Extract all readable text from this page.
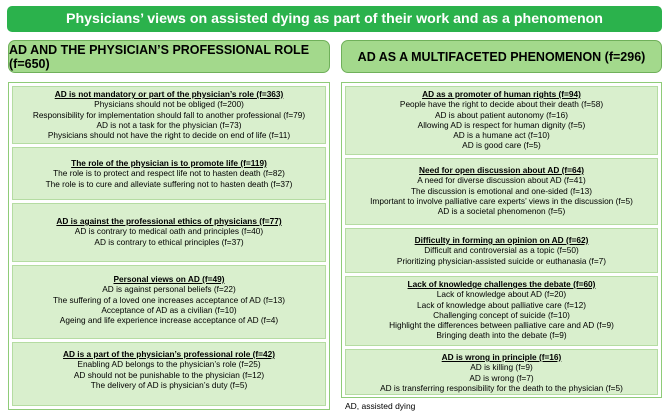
Physicians’ views on assisted dying as part of their work and as a phenomenon
AD AND THE PHYSICIAN’S PROFESSIONAL ROLE (f=650)	AD AS A MULTIFACETED PHENOMENON (f=296)
AD is not mandatory or part of the physician’s role (f=363)
Physicians should not be obliged (f=200)
Responsibility for implementation should fall to another professional (f=79)
AD is not a task for the physician (f=73)
Physicians should not have the right to decide on end of life (f=11)
The role of the physician is to promote life (f=119)
The role is to protect and respect life not to hasten death (f=82)
The role is to cure and alleviate suffering not to hasten death (f=37)
AD is against the professional ethics of physicians (f=77)
AD is contrary to medical oath and principles (f=40)
AD is contrary to ethical principles (f=37)
Personal views on AD (f=49)
AD is against personal beliefs (f=22)
The suffering of a loved one increases acceptance of AD (f=13)
Acceptance of AD as a civilian (f=10)
Ageing and life experience increase acceptance of AD (f=4)
AD is a part of the physician’s professional role (f=42)
Enabling AD belongs to the physician’s role (f=25)
AD should not be punishable to the physician (f=12)
The delivery of AD is physician’s duty (f=5)
AD as a promoter of human rights (f=94)
People have the right to decide about their death (f=58)
AD is about patient autonomy (f=16)
Allowing AD is respect for human dignity (f=5)
AD is a humane act (f=10)
AD is good care (f=5)
Need for open discussion about AD (f=64)
A need for diverse discussion about AD (f=41)
The discussion is emotional and one-sided (f=13)
Important to involve palliative care experts’ views in the discussion (f=5)
AD is a societal phenomenon (f=5)
Difficulty in forming an opinion on AD (f=62)
Difficult and controversial as a topic (f=50)
Prioritizing physician-assisted suicide or euthanasia (f=7)
Lack of knowledge challenges the debate (f=60)
Lack of knowledge about AD (f=20)
Lack of knowledge about palliative care (f=12)
Challenging concept of suicide (f=10)
Highlight the differences between palliative care and AD (f=9)
Bringing death into the debate (f=9)
AD is wrong in principle (f=16)
AD is killing (f=9)
AD is wrong (f=7)
AD is transferring responsibility for the death to the physician (f=5)
AD, assisted dying
